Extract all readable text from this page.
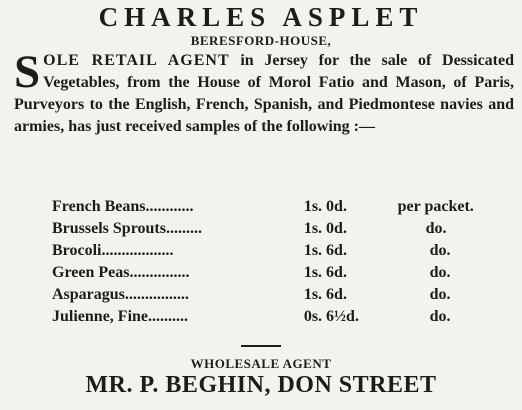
CHARLES ASPLET
BERESFORD-HOUSE,
SOLE RETAIL AGENT in Jersey for the sale of Dessicated Vegetables, from the House of Morol Fatio and Mason, of Paris, Purveyors to the English, French, Spanish, and Piedmontese navies and armies, has just received samples of the following :—
French Beans............	1s. 0d.	per packet.
Brussels Sprouts.........	1s. 0d.	do.
Brocoli..................	1s. 6d.	do.
Green Peas...............	1s. 6d.	do.
Asparagus................	1s. 6d.	do.
Julienne, Fine..........	0s. 6½d.	do.
WHOLESALE AGENT
MR. P. BEGHIN, DON STREET
